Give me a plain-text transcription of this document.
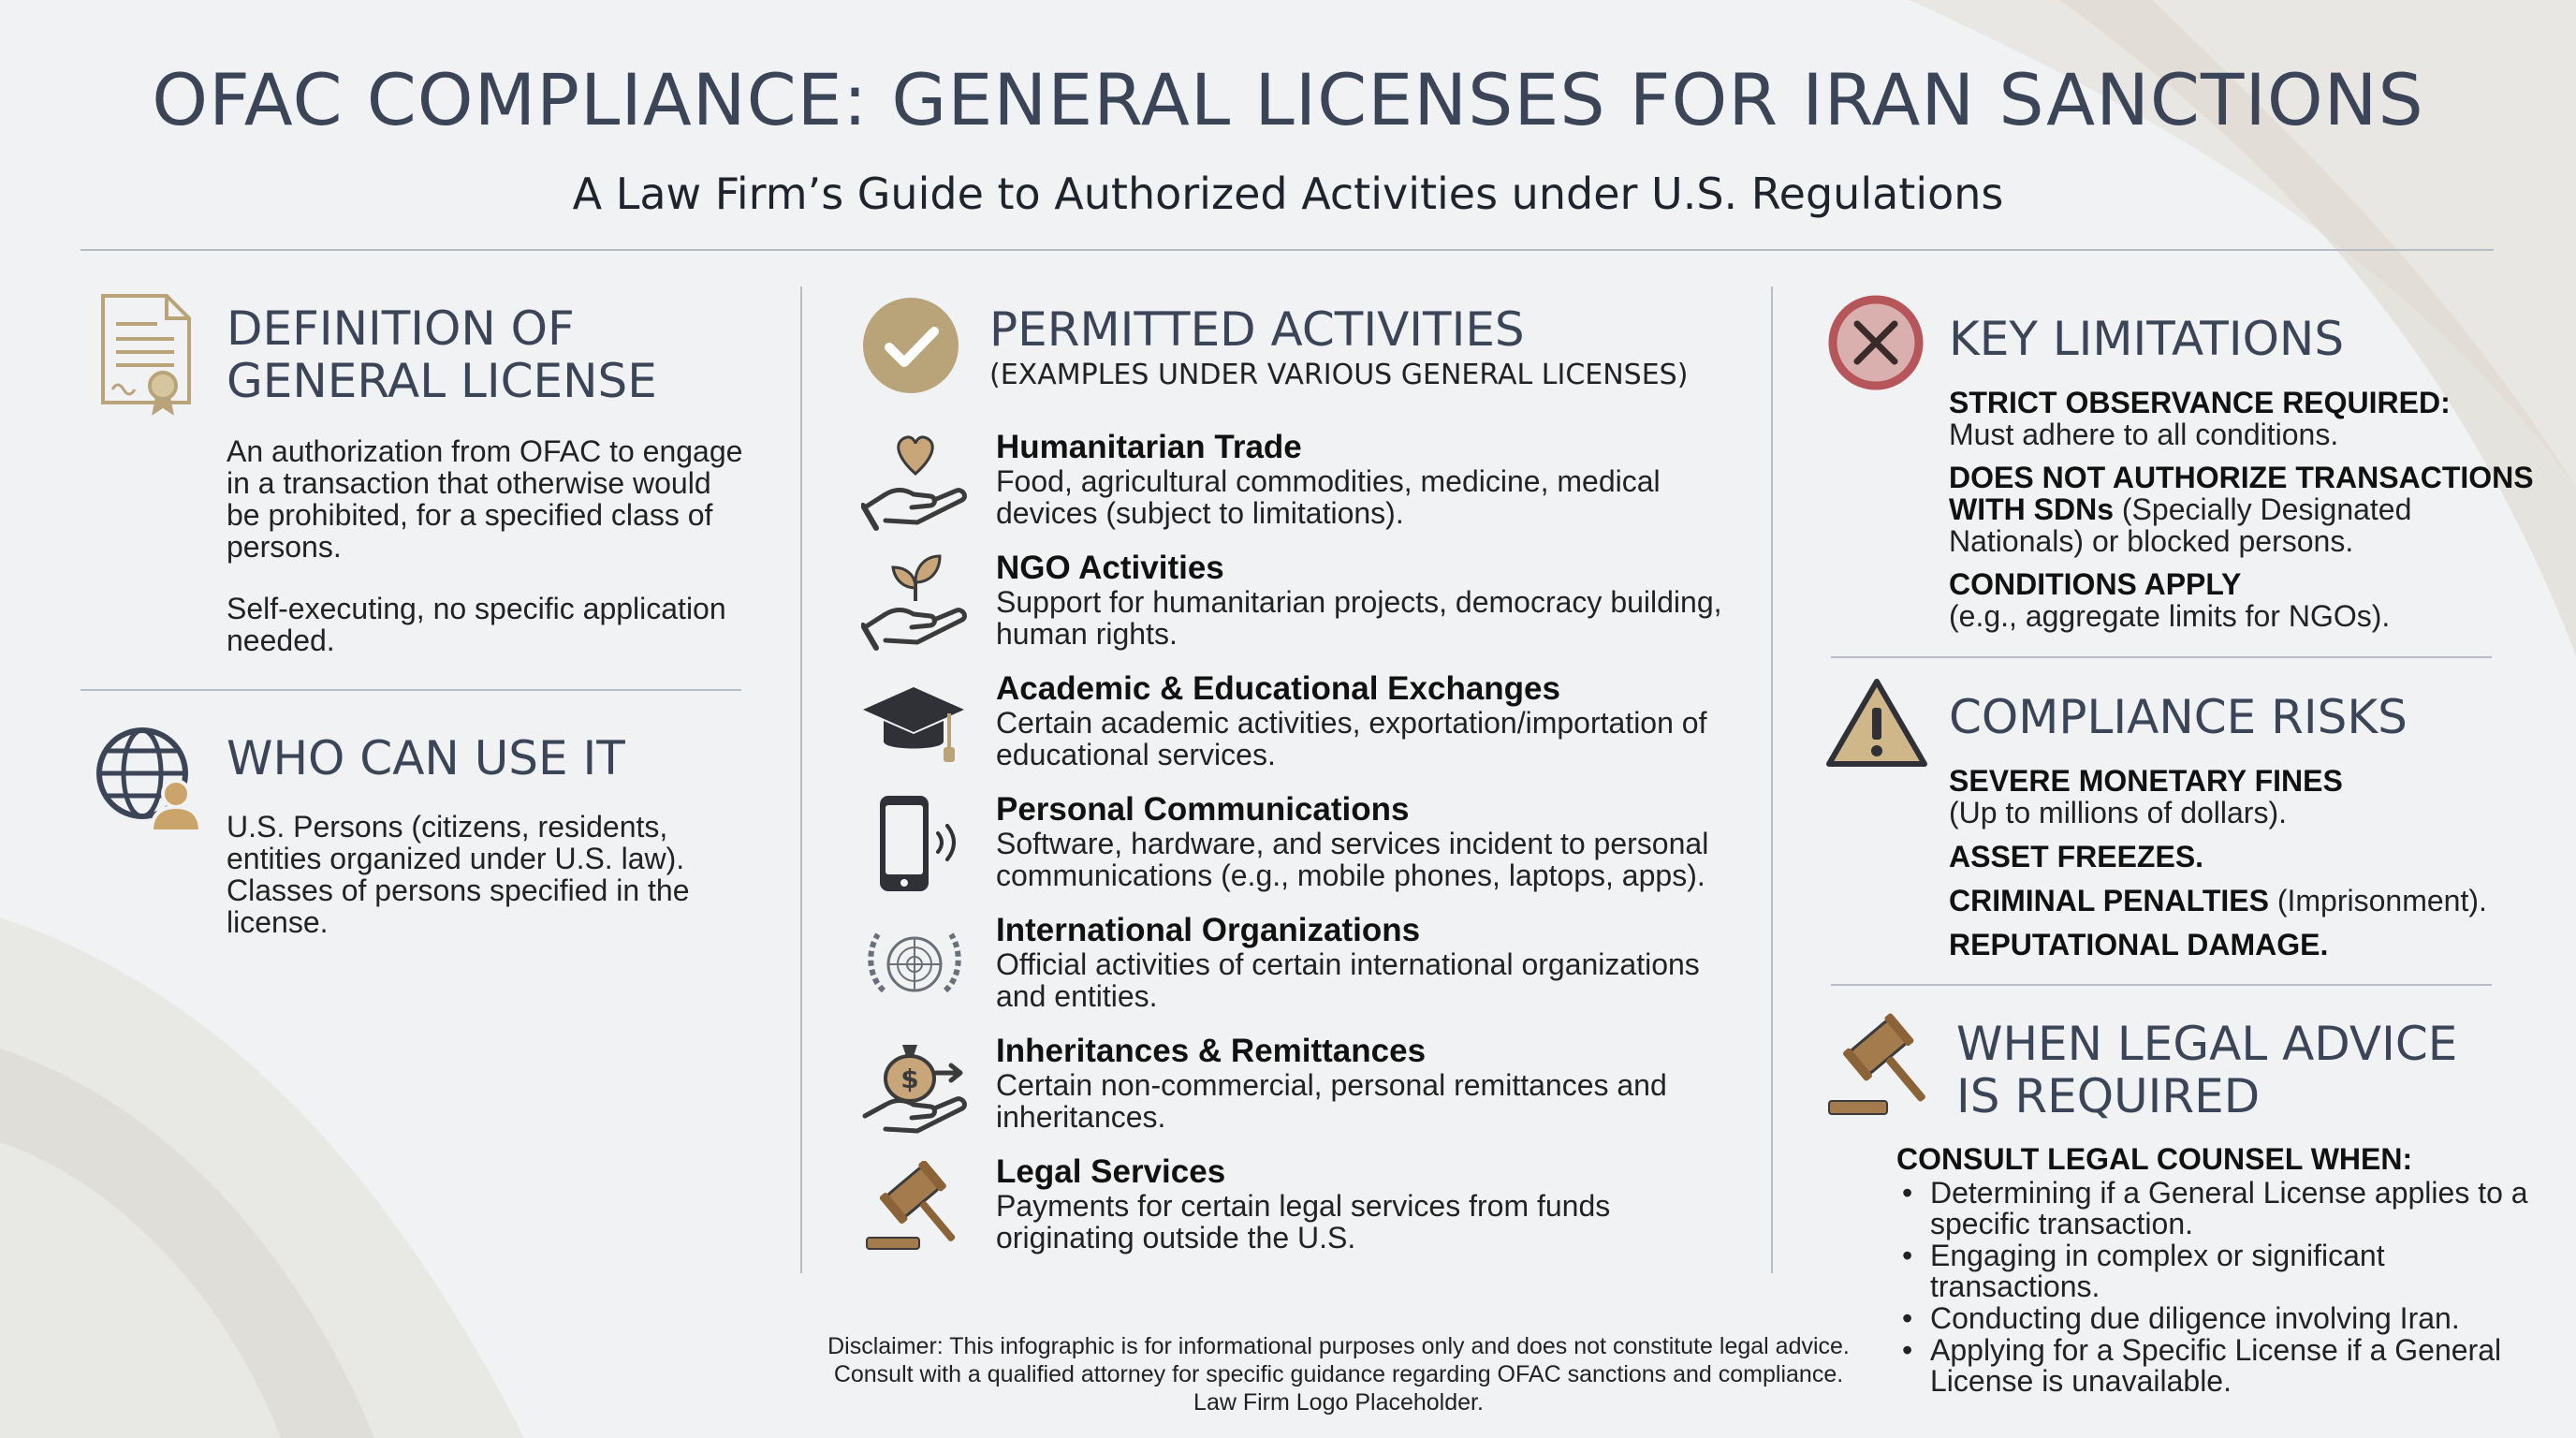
OFAC COMPLIANCE: GENERAL LICENSES FOR IRAN SANCTIONS
A Law Firm’s Guide to Authorized Activities under U.S. Regulations
DEFINITION OF
GENERAL LICENSE
An authorization from OFAC to engage in a transaction that otherwise would be prohibited, for a specified class of persons.
Self-executing, no specific application needed.
WHO CAN USE IT
U.S. Persons (citizens, residents, entities organized under U.S. law). Classes of persons specified in the license.
PERMITTED ACTIVITIES
(EXAMPLES UNDER VARIOUS GENERAL LICENSES)
$
Humanitarian Trade
Food, agricultural commodities, medicine, medical devices (subject to limitations).
NGO Activities
Support for humanitarian projects, democracy building, human rights.
Academic & Educational Exchanges
Certain academic activities, exportation/importation of educational services.
Personal Communications
Software, hardware, and services incident to personal communications (e.g., mobile phones, laptops, apps).
International Organizations
Official activities of certain international organizations and entities.
Inheritances & Remittances
Certain non-commercial, personal remittances and inheritances.
Legal Services
Payments for certain legal services from funds originating outside the U.S.
KEY LIMITATIONS
STRICT OBSERVANCE REQUIRED:
Must adhere to all conditions.
DOES NOT AUTHORIZE TRANSACTIONS WITH SDNs (Specially Designated Nationals) or blocked persons.
CONDITIONS APPLY
(e.g., aggregate limits for NGOs).
COMPLIANCE RISKS
SEVERE MONETARY FINES
(Up to millions of dollars).
ASSET FREEZES.
CRIMINAL PENALTIES (Imprisonment).
REPUTATIONAL DAMAGE.
WHEN LEGAL ADVICE
IS REQUIRED
CONSULT LEGAL COUNSEL WHEN:
• Determining if a General License applies to a specific transaction.
• Engaging in complex or significant transactions.
• Conducting due diligence involving Iran.
• Applying for a Specific License if a General License is unavailable.
Disclaimer: This infographic is for informational purposes only and does not constitute legal advice.
Consult with a qualified attorney for specific guidance regarding OFAC sanctions and compliance.
Law Firm Logo Placeholder.
